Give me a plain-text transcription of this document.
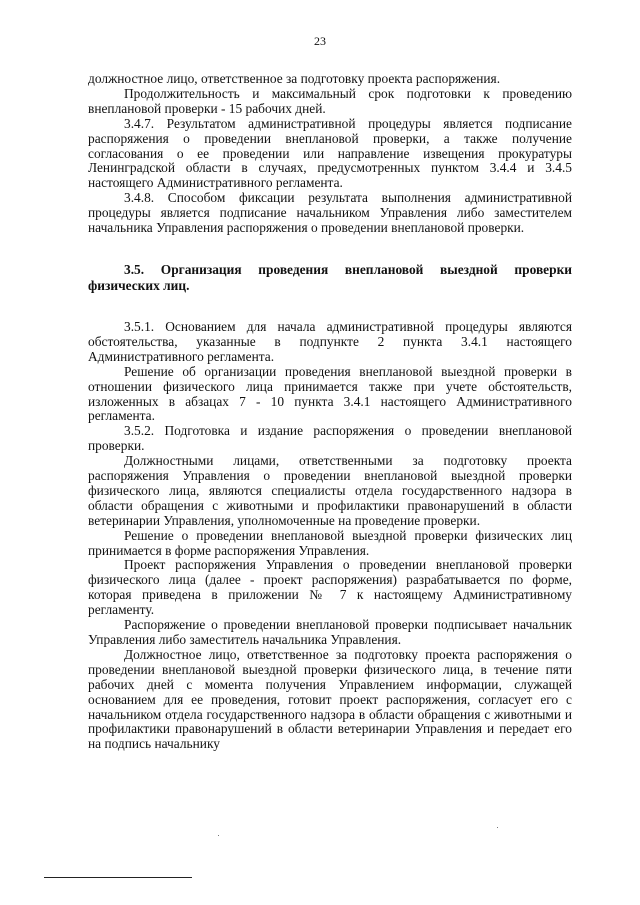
23

должностное лицо, ответственное за подготовку проекта распоряжения.

Продолжительность и максимальный срок подготовки к проведению внеплановой проверки - 15 рабочих дней.

3.4.7. Результатом административной процедуры является подписание распоряжения о проведении внеплановой проверки, а также получение согласования о ее проведении или направление извещения прокуратуры Ленинградской области в случаях, предусмотренных пунктом 3.4.4 и 3.4.5 настоящего Административного регламента.

3.4.8. Способом фиксации результата выполнения административной процедуры является подписание начальником Управления либо заместителем начальника Управления распоряжения о проведении внеплановой проверки.

3.5. Организация проведения внеплановой выездной проверки физических лиц.

3.5.1. Основанием для начала административной процедуры являются обстоятельства, указанные в подпункте 2 пункта 3.4.1 настоящего Административного регламента.

Решение об организации проведения внеплановой выездной проверки в отношении физического лица принимается также при учете обстоятельств, изложенных в абзацах 7 - 10 пункта 3.4.1 настоящего Административного регламента.

3.5.2. Подготовка и издание распоряжения о проведении внеплановой проверки.

Должностными лицами, ответственными за подготовку проекта распоряжения Управления о проведении внеплановой выездной проверки физического лица, являются специалисты отдела государственного надзора в области обращения с животными и профилактики правонарушений в области ветеринарии Управления, уполномоченные на проведение проверки.

Решение о проведении внеплановой выездной проверки физических лиц принимается в форме распоряжения Управления.

Проект распоряжения Управления о проведении внеплановой проверки физического лица (далее - проект распоряжения) разрабатывается по форме, которая приведена в приложении № 7 к настоящему Административному регламенту.

Распоряжение о проведении внеплановой проверки подписывает начальник Управления либо заместитель начальника Управления.

Должностное лицо, ответственное за подготовку проекта распоряжения о проведении внеплановой выездной проверки физического лица, в течение пяти рабочих дней с момента получения Управлением информации, служащей основанием для ее проведения, готовит проект распоряжения, согласует его с начальником отдела государственного надзора в области обращения с животными и профилактики правонарушений в области ветеринарии Управления и передает его на подпись начальнику
